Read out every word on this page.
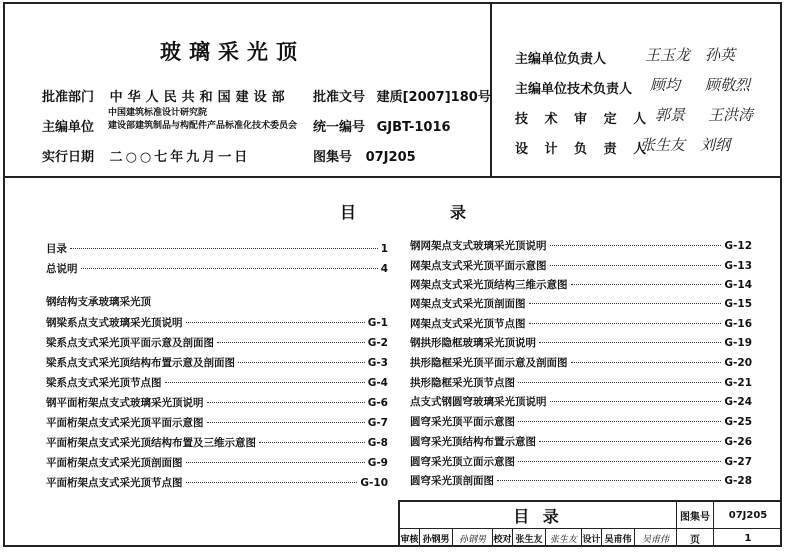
玻璃采光顶
批准部门 中华人民共和国建设部 批准文号 建质[2007]180号
主编单位
中国建筑标准设计研究院
建设部建筑制品与构配件产品标准化技术委员会 统一编号 GJBT-1016
实行日期 二○○七年九月一日	图集号 07J205
主编单位负责人	王玉龙 孙英
主编单位技术负责人 顾均 顾敬烈
技 术 审 定 人 郭景 王洪涛
设 计 负 责 人
张生友 刘纲
目	录
目录	1
总说明	4
钢结构支承玻璃采光顶
钢梁系点支式玻璃采光顶说明	G-1
梁系点支式采光顶平面示意及剖面图	G-2
梁系点支式采光顶结构布置示意及剖面图	G-3
梁系点支式采光顶节点图	G-4
钢平面桁架点支式玻璃采光顶说明	G-6
平面桁架点支式采光顶平面示意图	G-7
平面桁架点支式采光顶结构布置及三维示意图	G-8
平面桁架点支式采光顶剖面图	G-9
平面桁架点支式采光顶节点图	G-10
钢网架点支式玻璃采光顶说明	G-12
网架点支式采光顶平面示意图	G-13
网架点支式采光顶结构三维示意图	G-14
网架点支式采光顶剖面图	G-15
网架点支式采光顶节点图	G-16
钢拱形隐框玻璃采光顶说明	G-19
拱形隐框采光顶平面示意及剖面图	G-20
拱形隐框采光顶节点图	G-21
点支式钢圆穹玻璃采光顶说明	G-24
圆穹采光顶平面示意图	G-25
圆穹采光顶结构布置示意图	G-26
圆穹采光顶立面示意图	G-27
圆穹采光顶剖面图	G-28
目 录	图集号	07J205
审核 孙钢男	孙钢男 校对 张生友 张生友 设计 吴甫伟	吴甫伟	页	1
